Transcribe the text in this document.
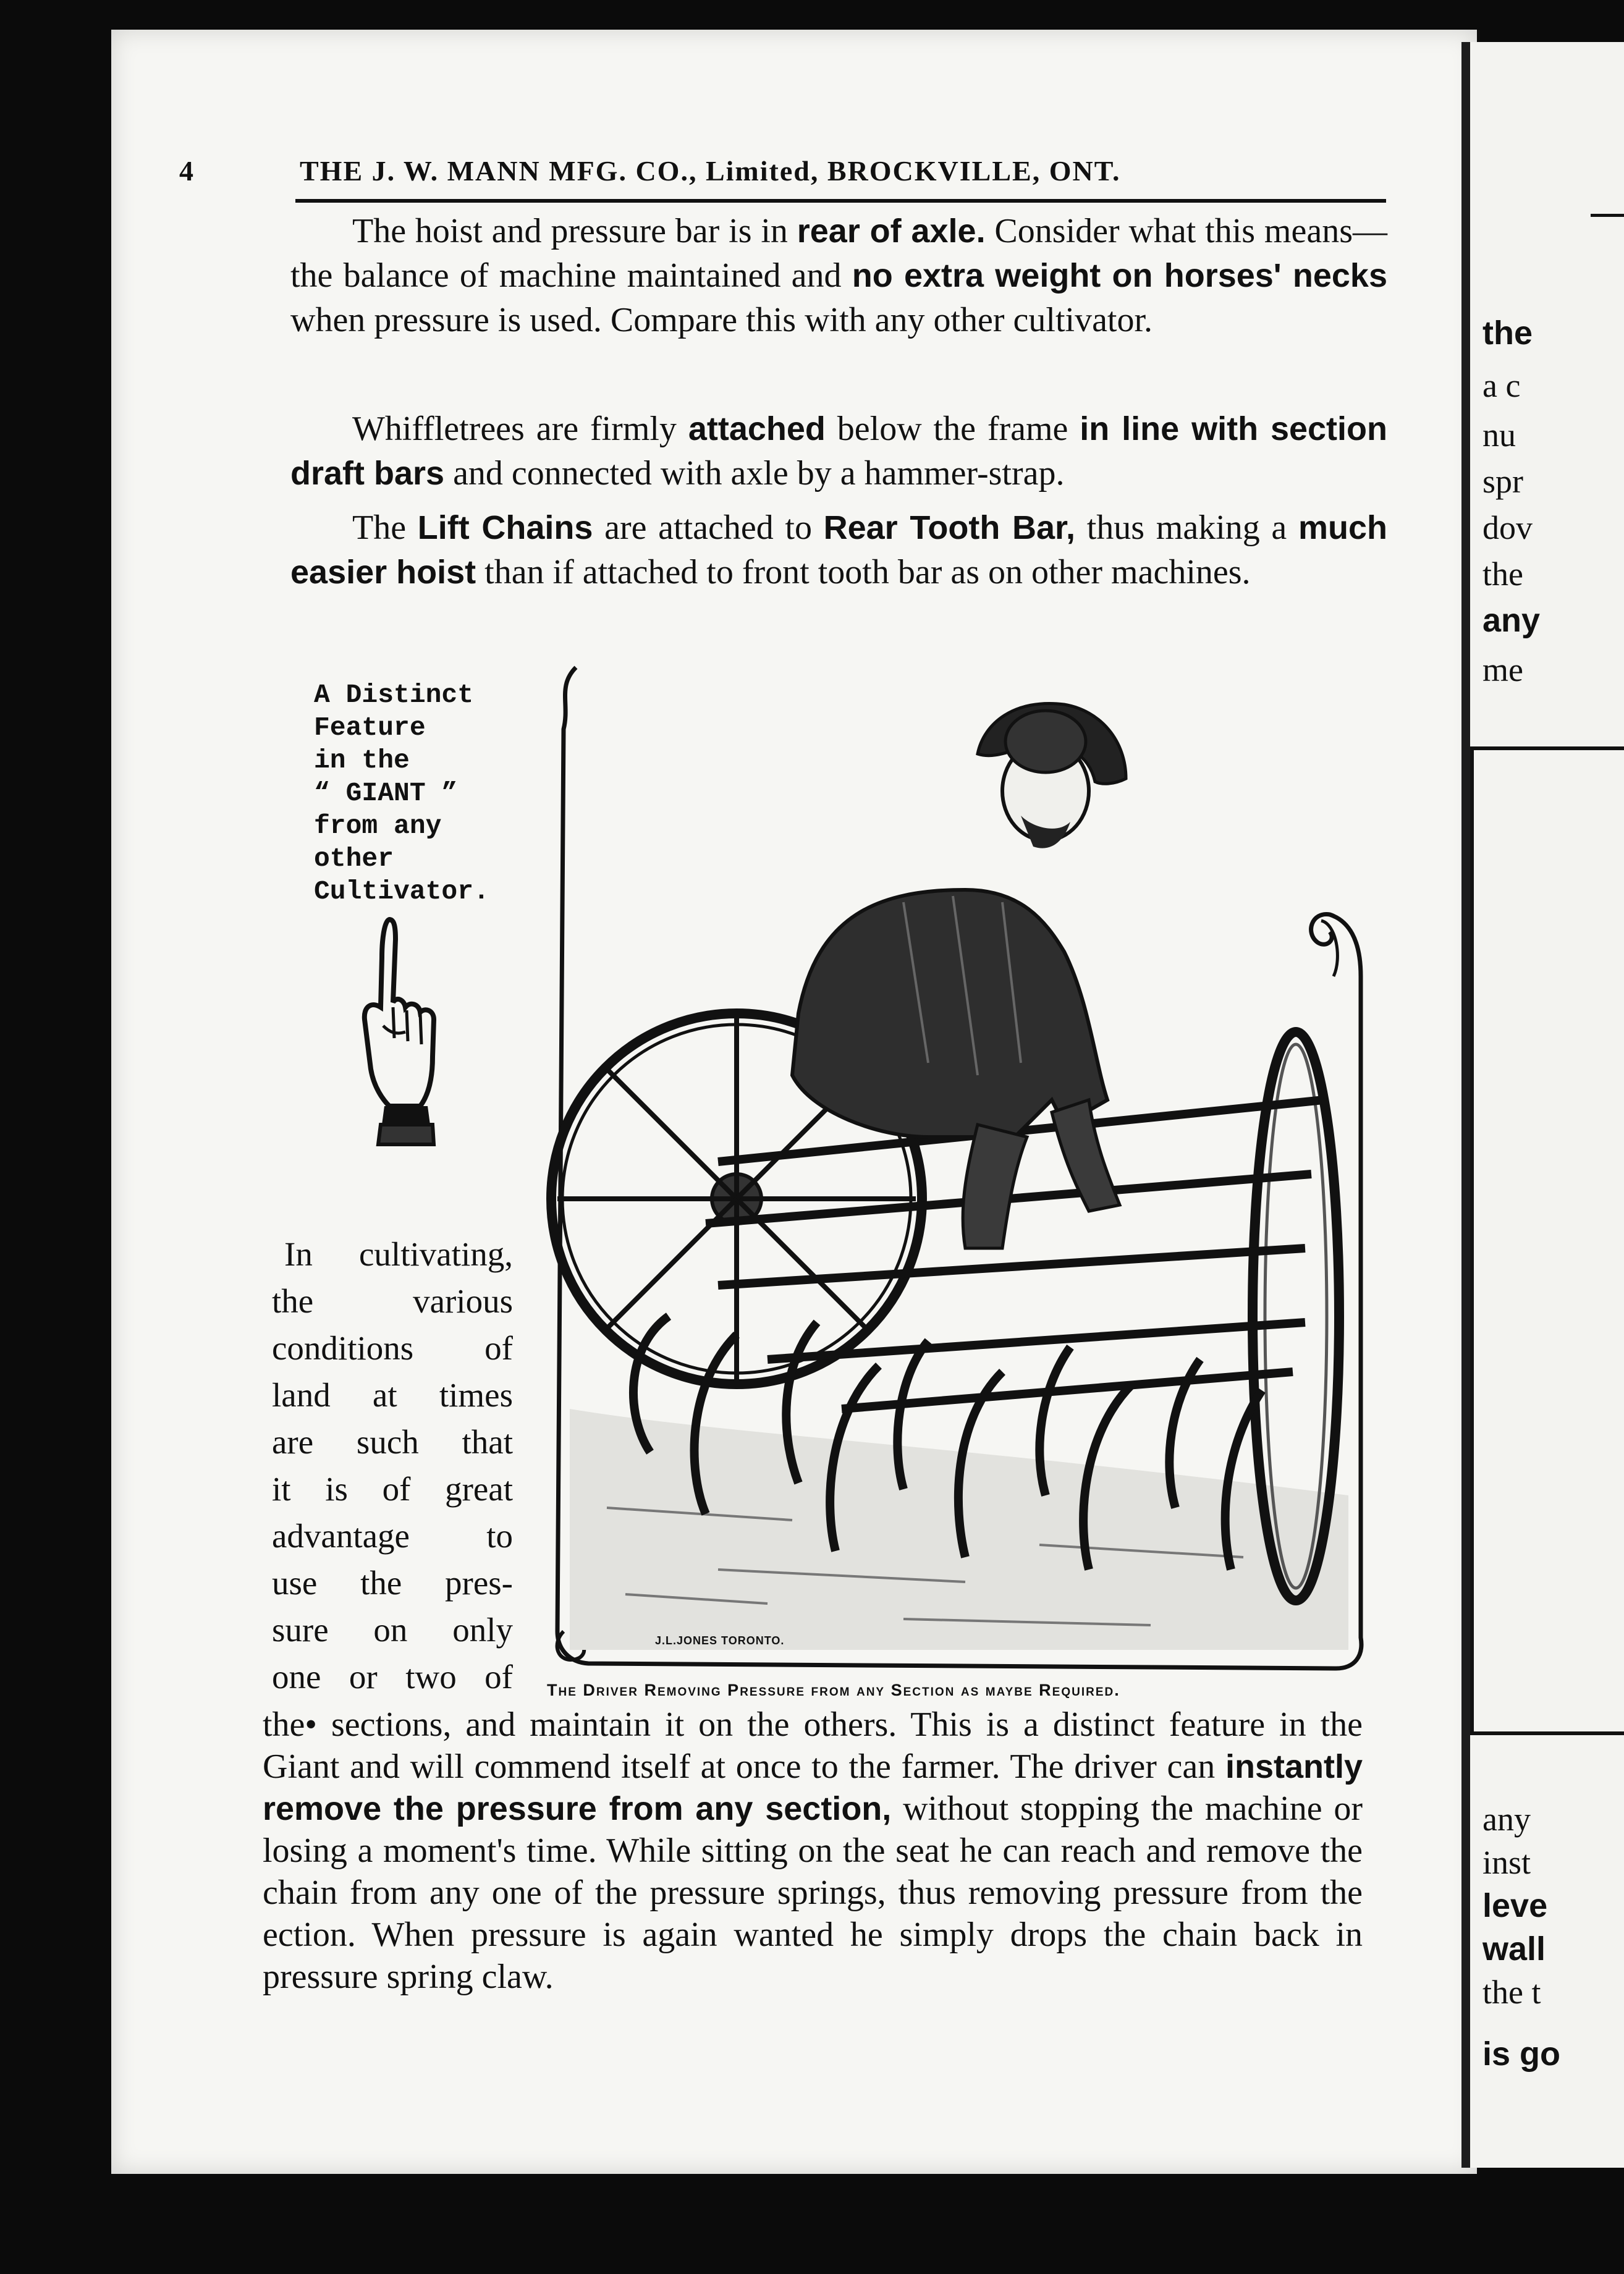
the
a c
nu
spr
dov
the
any
me
any
inst
leve
wall
the t
is go
4	THE J. W. MANN MFG. CO., Limited, BROCKVILLE, ONT.

The hoist and pressure bar is in rear of axle. Consider what this means—the balance of machine maintained and no extra weight on horses' necks when pressure is used. Compare this with any other cultivator.

Whiffletrees are firmly attached below the frame in line with section draft bars and connected with axle by a hammer-strap.

The Lift Chains are attached to Rear Tooth Bar, thus making a much easier hoist than if attached to front tooth bar as on other machines.

A Distinct
Feature
in the
“ GIANT ”
from any
other
Cultivator.

In cultivating,
the various
conditions of
land at times
are such that
it is of great
advantage to
use the pres-
sure on only
one or two of

J.L.JONES TORONTO.
The Driver Removing Pressure from any Section as maybe Required.

the• sections, and maintain it on the others. This is a distinct feature in the Giant and will commend itself at once to the farmer. The driver can instantly remove the pressure from any section, without stopping the machine or losing a moment's time. While sitting on the seat he can reach and remove the chain from any one of the pressure springs, thus removing pressure from the ection. When pressure is again wanted he simply drops the chain back in pressure spring claw.
